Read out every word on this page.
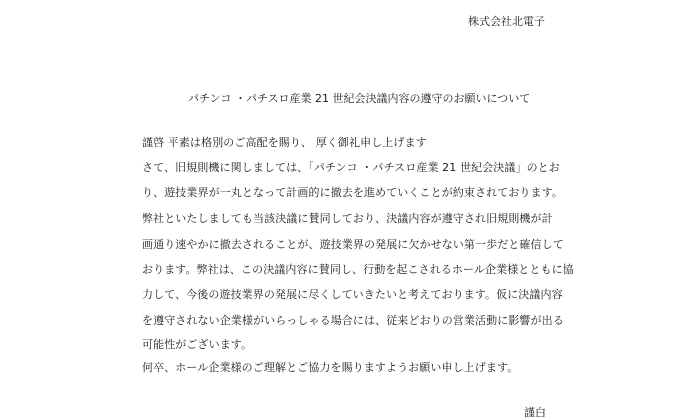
株式会社北電子
パチンコ ・パチスロ産業 21 世紀会決議内容の遵守のお願いについて
謹啓 平素は格別のご高配を賜り、 厚く御礼申し上げます
さて、旧規則機に関しましては、「パチンコ ・パチスロ産業 21 世紀会決議」のとお
り、遊技業界が一丸となって計画的に撤去を進めていくことが約束されております。
弊社といたしましても当該決議に賛同しており、決議内容が遵守され旧規則機が計
画通り速やかに撤去されることが、遊技業界の発展に欠かせない第一歩だと確信して
おります。弊社は、この決議内容に賛同し、行動を起こされるホール企業様とともに協
力して、今後の遊技業界の発展に尽くしていきたいと考えております。仮に決議内容
を遵守されない企業様がいらっしゃる場合には、従来どおりの営業活動に影響が出る
可能性がございます。
何卒、ホール企業様のご理解とご協力を賜りますようお願い申し上げます。
謹白
